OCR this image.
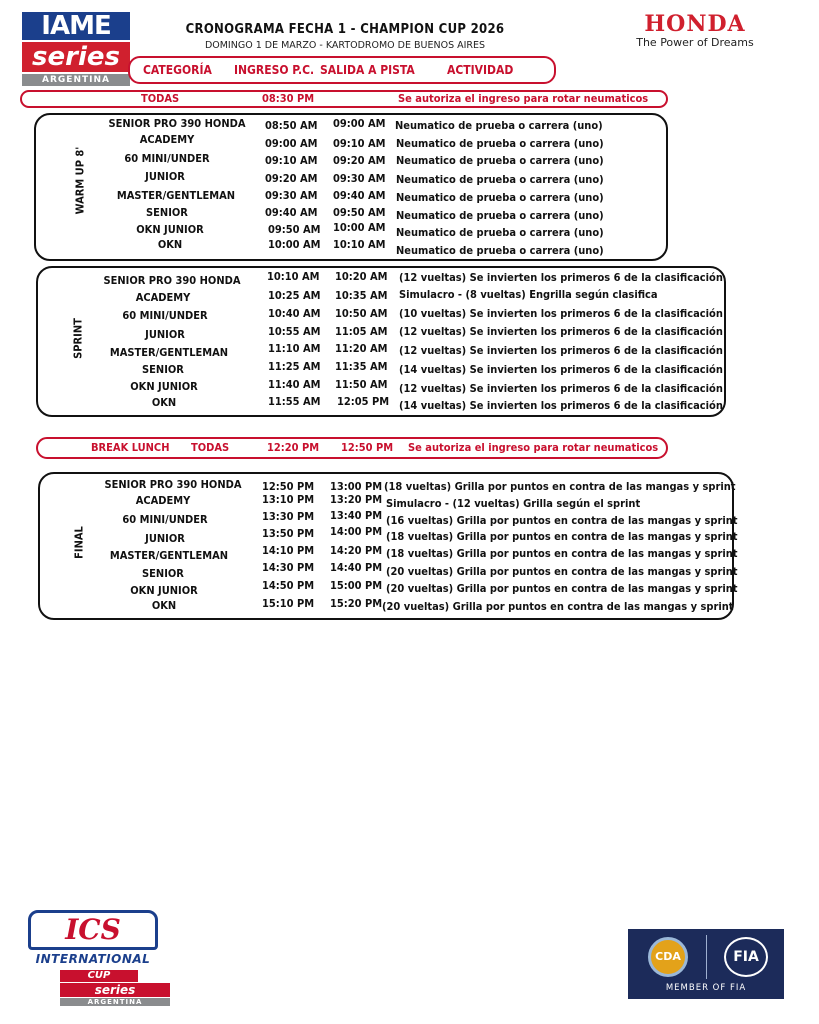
IAME
series
ARGENTINA
HONDA
The Power of Dreams
CRONOGRAMA FECHA 1 - CHAMPION CUP 2026
DOMINGO 1 DE MARZO - KARTODROMO DE BUENOS AIRES
CATEGORÍA INGRESO P.C. SALIDA A PISTA	ACTIVIDAD
TODAS	08:30 PM	Se autoriza el ingreso para rotar neumaticos
WARM UP 8'
SENIOR PRO 390 HONDA	08:50 AM 09:00 AM Neumatico de prueba o carrera (uno)
ACADEMY	09:00 AM 09:10 AM Neumatico de prueba o carrera (uno)
60 MINI/UNDER	09:10 AM 09:20 AM Neumatico de prueba o carrera (uno)
JUNIOR	09:20 AM 09:30 AM Neumatico de prueba o carrera (uno)
MASTER/GENTLEMAN	09:30 AM 09:40 AM Neumatico de prueba o carrera (uno)
SENIOR	09:40 AM 09:50 AM Neumatico de prueba o carrera (uno)
OKN JUNIOR	09:50 AM 10:00 AM Neumatico de prueba o carrera (uno)
OKN	10:00 AM 10:10 AM Neumatico de prueba o carrera (uno)
SPRINT
SENIOR PRO 390 HONDA	10:10 AM 10:20 AM (12 vueltas) Se invierten los primeros 6 de la clasificación
ACADEMY	10:25 AM 10:35 AM Simulacro - (8 vueltas) Engrilla según clasifica
60 MINI/UNDER	10:40 AM 10:50 AM (10 vueltas) Se invierten los primeros 6 de la clasificación
JUNIOR	10:55 AM 11:05 AM (12 vueltas) Se invierten los primeros 6 de la clasificación
MASTER/GENTLEMAN	11:10 AM 11:20 AM (12 vueltas) Se invierten los primeros 6 de la clasificación
SENIOR	11:25 AM 11:35 AM (14 vueltas) Se invierten los primeros 6 de la clasificación
OKN JUNIOR	11:40 AM 11:50 AM (12 vueltas) Se invierten los primeros 6 de la clasificación
OKN	11:55 AM 12:05 PM (14 vueltas) Se invierten los primeros 6 de la clasificación
BREAK LUNCH TODAS	12:20 PM 12:50 PM Se autoriza el ingreso para rotar neumaticos
FINAL
SENIOR PRO 390 HONDA	12:50 PM 13:00 PM (18 vueltas) Grilla por puntos en contra de las mangas y sprint
ACADEMY	13:10 PM 13:20 PM Simulacro - (12 vueltas) Grilla según el sprint
60 MINI/UNDER	13:30 PM 13:40 PM (16 vueltas) Grilla por puntos en contra de las mangas y sprint
JUNIOR	13:50 PM 14:00 PM (18 vueltas) Grilla por puntos en contra de las mangas y sprint
MASTER/GENTLEMAN	14:10 PM 14:20 PM (18 vueltas) Grilla por puntos en contra de las mangas y sprint
SENIOR	14:30 PM 14:40 PM (20 vueltas) Grilla por puntos en contra de las mangas y sprint
OKN JUNIOR	14:50 PM 15:00 PM (20 vueltas) Grilla por puntos en contra de las mangas y sprint
OKN	15:10 PM 15:20 PM (20 vueltas) Grilla por puntos en contra de las mangas y sprint
ICS
INTERNATIONAL
CUP
series
ARGENTINA
CDA	FIA
MEMBER OF FIA
